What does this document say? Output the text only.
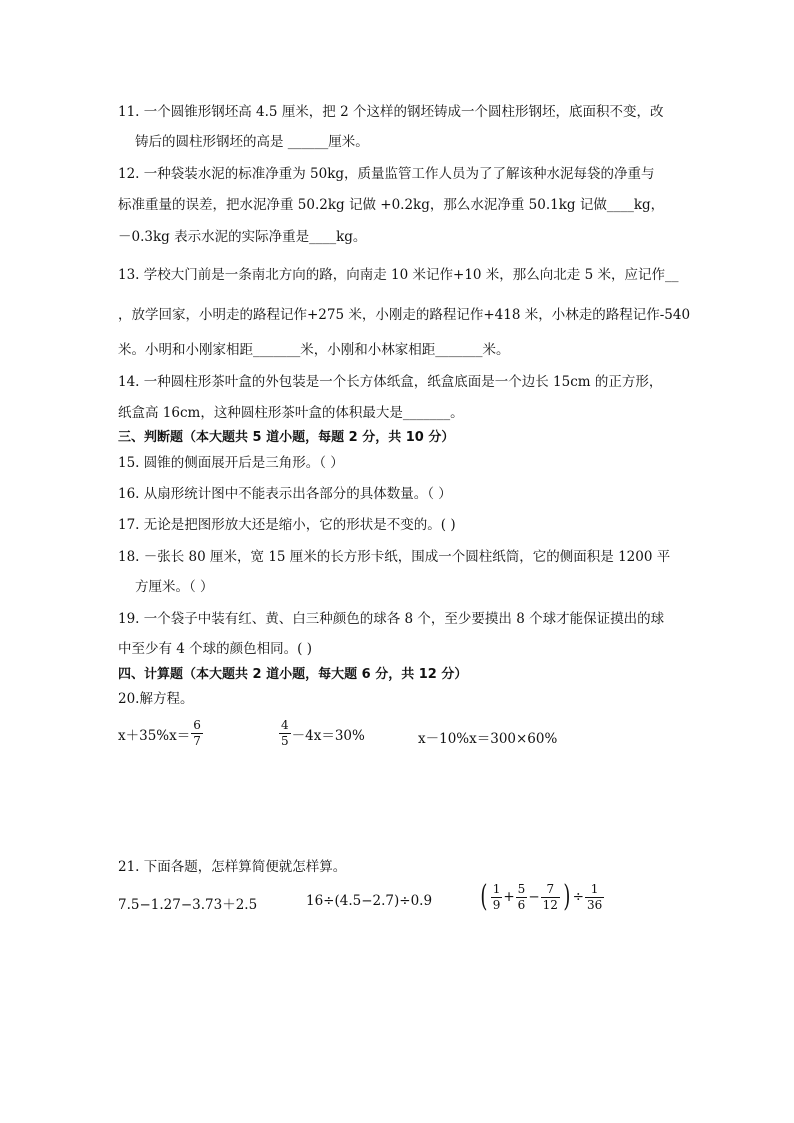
11. 一个圆锥形钢坯高 4.5 厘米，把 2 个这样的钢坯铸成一个圆柱形钢坯，底面积不变，改
铸后的圆柱形钢坯的高是 ______厘米。
12. 一种袋装水泥的标准净重为 50kg，质量监管工作人员为了了解该种水泥每袋的净重与
标准重量的误差，把水泥净重 50.2kg 记做 +0.2kg，那么水泥净重 50.1kg 记做____kg，
－0.3kg 表示水泥的实际净重是____kg。
13. 学校大门前是一条南北方向的路，向南走 10 米记作+10 米，那么向北走 5 米，应记作__
，放学回家，小明走的路程记作+275 米，小刚走的路程记作+418 米，小林走的路程记作-540
米。小明和小刚家相距_______米，小刚和小林家相距_______米。
14. 一种圆柱形茶叶盒的外包装是一个长方体纸盒，纸盒底面是一个边长 15cm 的正方形，
纸盒高 16cm，这种圆柱形茶叶盒的体积最大是_______。
三、判断题（本大题共 5 道小题，每题 2 分，共 10 分）
15. 圆锥的侧面展开后是三角形。（ ）
16. 从扇形统计图中不能表示出各部分的具体数量。（ ）
17. 无论是把图形放大还是缩小，它的形状是不变的。( )
18. －张长 80 厘米，宽 15 厘米的长方形卡纸，围成一个圆柱纸筒，它的侧面积是 1200 平
方厘米。（ ）
19. 一个袋子中装有红、黄、白三种颜色的球各 8 个，至少要摸出 8 个球才能保证摸出的球
中至少有 4 个球的颜色相同。( )
四、计算题（本大题共 2 道小题，每大题 6 分，共 12 分）
20.解方程。
$x+35\%x= \frac{6}{7}$	$\frac{4}{5} -4x=30\%$	x－10%x＝300×60%
21. 下面各题，怎样算简便就怎样算。
7.5−1.27−3.73＋2.5	16÷(4.5−2.7)÷0.9 ( $\frac{1}{9} + \frac{5}{6} - \frac{7}{12}$ ) ÷ $\frac{1}{36}$
